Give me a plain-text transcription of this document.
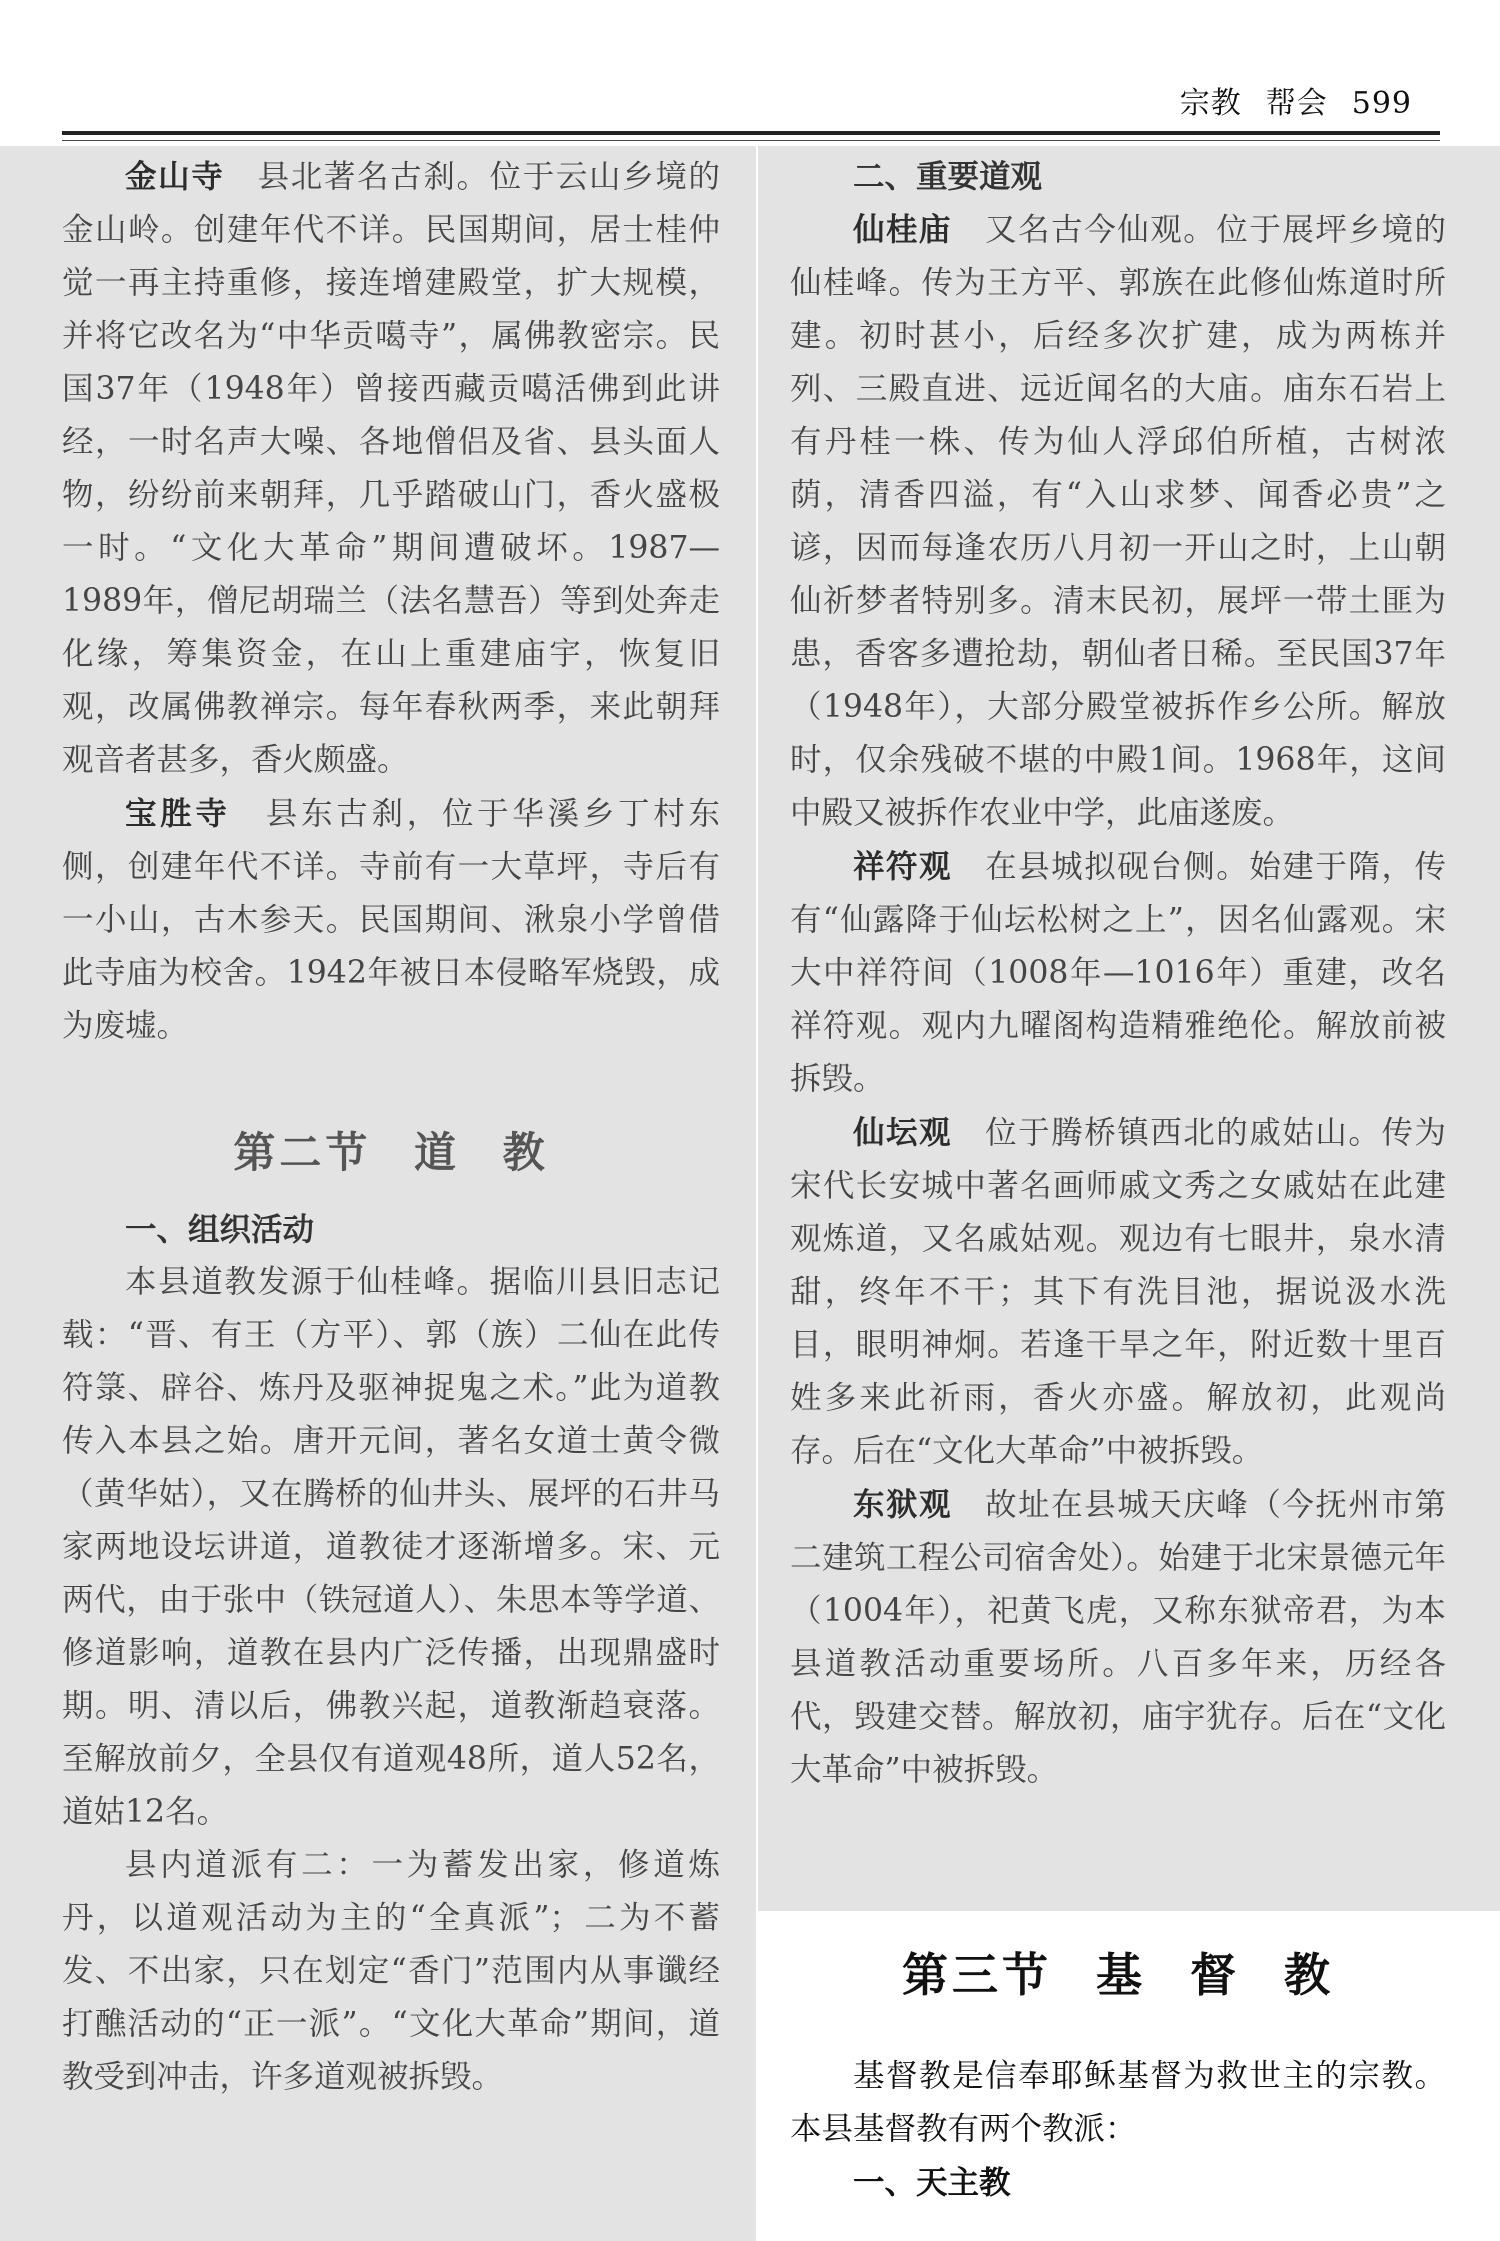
宗教 帮会 599

金山寺　 县北著名古刹。位于云山乡境的金山岭。创建年代不详。民国期间，居士桂仲觉一再主持重修，接连增建殿堂，扩大规模，并将它改名为“中华贡噶寺”，属佛教密宗。民国37年（1948年）曾接西藏贡噶活佛到此讲经，一时名声大噪、各地僧侣及省、县头面人物，纷纷前来朝拜，几乎踏破山门，香火盛极一时。“文化大革命”期间遭破坏。1987—1989年，僧尼胡瑞兰（法名慧吾）等到处奔走化缘，筹集资金，在山上重建庙宇，恢复旧观，改属佛教禅宗。每年春秋两季，来此朝拜观音者甚多，香火颇盛。

宝胜寺　 县东古刹，位于华溪乡丁村东侧，创建年代不详。寺前有一大草坪，寺后有一小山，古木参天。民国期间、湫泉小学曾借此寺庙为校舍。1942年被日本侵略军烧毁，成为废墟。

第二节 道 教

一、组织活动

本县道教发源于仙桂峰。据临川县旧志记载：“晋、有王（方平）、郭（族）二仙在此传符箓、辟谷、炼丹及驱神捉鬼之术。”此为道教传入本县之始。唐开元间，著名女道士黄令微（黄华姑），又在腾桥的仙井头、展坪的石井马家两地设坛讲道，道教徒才逐渐增多。宋、元两代，由于张中（铁冠道人）、朱思本等学道、修道影响，道教在县内广泛传播，出现鼎盛时期。明、清以后，佛教兴起，道教渐趋衰落。至解放前夕，全县仅有道观48所，道人52名，道姑12名。

县内道派有二：一为蓄发出家，修道炼丹，以道观活动为主的“全真派”；二为不蓄发、不出家，只在划定“香门”范围内从事谶经打醮活动的“正一派”。“文化大革命”期间，道教受到冲击，许多道观被拆毁。

二、重要道观

仙桂庙　 又名古今仙观。位于展坪乡境的仙桂峰。传为王方平、郭族在此修仙炼道时所建。初时甚小，后经多次扩建，成为两栋并列、三殿直进、远近闻名的大庙。庙东石岩上有丹桂一株、传为仙人浮邱伯所植，古树浓荫，清香四溢，有“入山求梦、闻香必贵”之谚，因而每逢农历八月初一开山之时，上山朝仙祈梦者特别多。清末民初，展坪一带土匪为患，香客多遭抢劫，朝仙者日稀。至民国37年（1948年），大部分殿堂被拆作乡公所。解放时，仅余残破不堪的中殿1间。1968年，这间中殿又被拆作农业中学，此庙遂废。

祥符观　 在县城拟砚台侧。始建于隋，传有“仙露降于仙坛松树之上”，因名仙露观。宋大中祥符间（1008年—1016年）重建，改名祥符观。观内九曜阁构造精雅绝伦。解放前被拆毁。

仙坛观　 位于腾桥镇西北的戚姑山。传为宋代长安城中著名画师戚文秀之女戚姑在此建观炼道，又名戚姑观。观边有七眼井，泉水清甜，终年不干；其下有洗目池，据说汲水洗目，眼明神炯。若逢干旱之年，附近数十里百姓多来此祈雨，香火亦盛。解放初，此观尚存。后在“文化大革命”中被拆毁。

东狱观　 故址在县城天庆峰（今抚州市第二建筑工程公司宿舍处）。始建于北宋景德元年（1004年），祀黄飞虎，又称东狱帝君，为本县道教活动重要场所。八百多年来，历经各代，毁建交替。解放初，庙宇犹存。后在“文化大革命”中被拆毁。

第三节 基 督 教

基督教是信奉耶稣基督为救世主的宗教。本县基督教有两个教派：

一、天主教
